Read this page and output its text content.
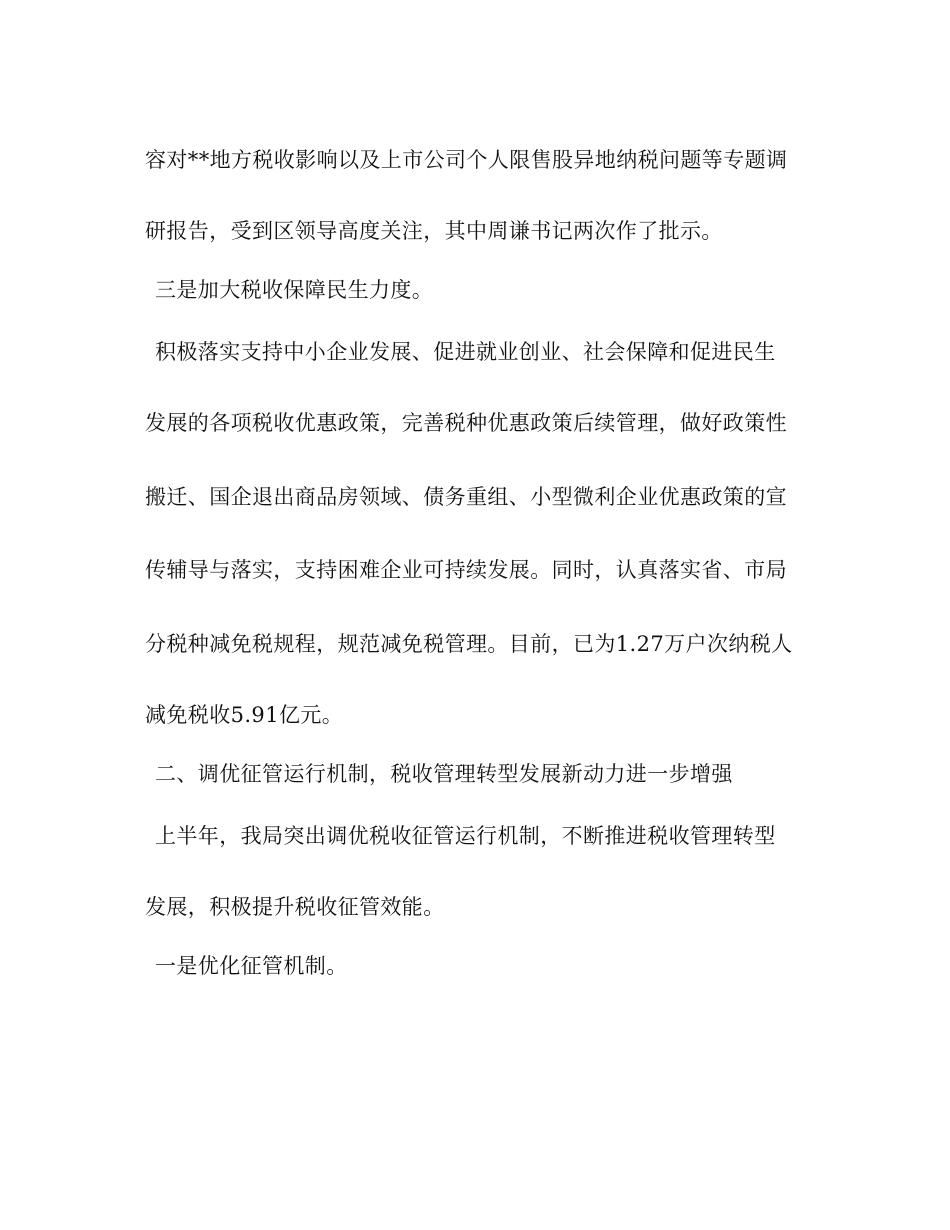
容对**地方税收影响以及上市公司个人限售股异地纳税问题等专题调
研报告，受到区领导高度关注，其中周谦书记两次作了批示。
三是加大税收保障民生力度。
积极落实支持中小企业发展、促进就业创业、社会保障和促进民生
发展的各项税收优惠政策，完善税种优惠政策后续管理，做好政策性
搬迁、国企退出商品房领域、债务重组、小型微利企业优惠政策的宣
传辅导与落实，支持困难企业可持续发展。同时，认真落实省、市局
分税种减免税规程，规范减免税管理。目前，已为1.27万户次纳税人
减免税收5.91亿元。
二、调优征管运行机制，税收管理转型发展新动力进一步增强
上半年，我局突出调优税收征管运行机制，不断推进税收管理转型
发展，积极提升税收征管效能。
一是优化征管机制。
